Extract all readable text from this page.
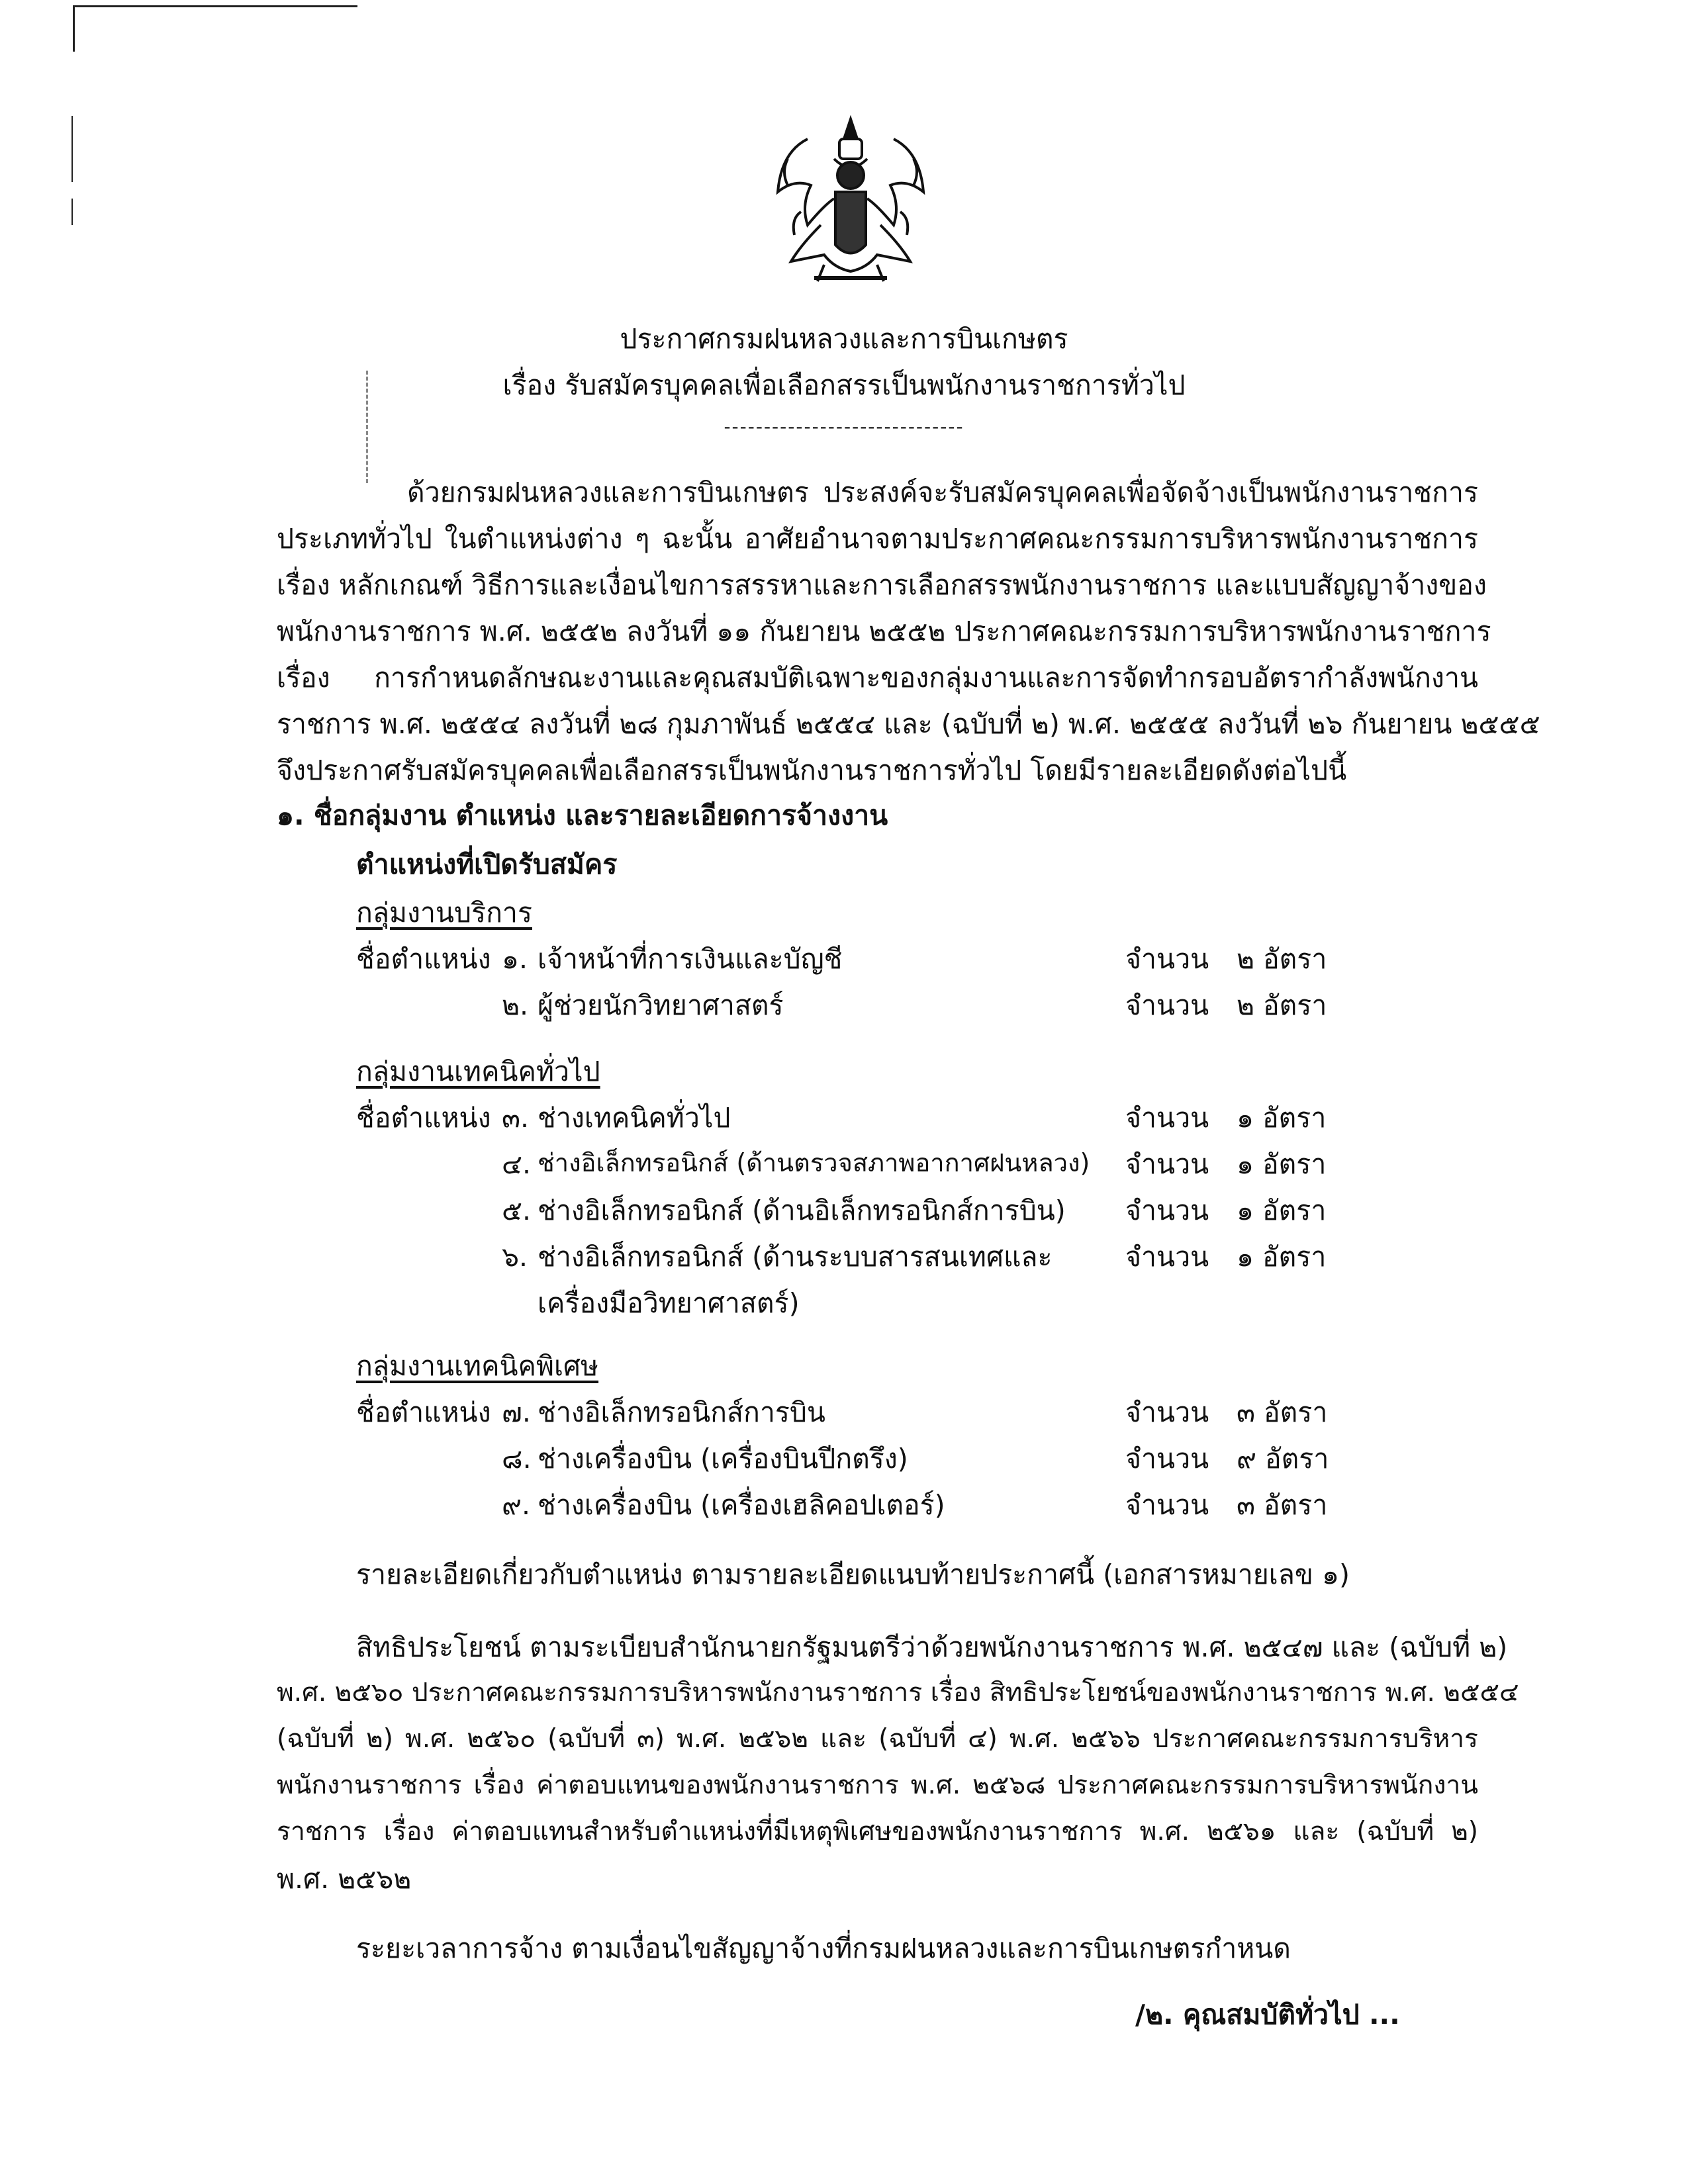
ประกาศกรมฝนหลวงและการบินเกษตร
เรื่อง รับสมัครบุคคลเพื่อเลือกสรรเป็นพนักงานราชการทั่วไป
------------------------------
ด้วยกรมฝนหลวงและการบินเกษตร ประสงค์จะรับสมัครบุคคลเพื่อจัดจ้างเป็นพนักงานราชการ
ประเภททั่วไป ในตำแหน่งต่าง ๆ ฉะนั้น อาศัยอำนาจตามประกาศคณะกรรมการบริหารพนักงานราชการ
เรื่อง หลักเกณฑ์ วิธีการและเงื่อนไขการสรรหาและการเลือกสรรพนักงานราชการ และแบบสัญญาจ้างของ
พนักงานราชการ พ.ศ. ๒๕๕๒ ลงวันที่ ๑๑ กันยายน ๒๕๕๒ ประกาศคณะกรรมการบริหารพนักงานราชการ
เรื่อง การกำหนดลักษณะงานและคุณสมบัติเฉพาะของกลุ่มงานและการจัดทำกรอบอัตรากำลังพนักงาน
ราชการ พ.ศ. ๒๕๕๔ ลงวันที่ ๒๘ กุมภาพันธ์ ๒๕๕๔ และ (ฉบับที่ ๒) พ.ศ. ๒๕๕๕ ลงวันที่ ๒๖ กันยายน ๒๕๕๕
จึงประกาศรับสมัครบุคคลเพื่อเลือกสรรเป็นพนักงานราชการทั่วไป โดยมีรายละเอียดดังต่อไปนี้
๑. ชื่อกลุ่มงาน ตำแหน่ง และรายละเอียดการจ้างงาน
ตำแหน่งที่เปิดรับสมัคร
กลุ่มงานบริการ
ชื่อตำแหน่ง ๑. เจ้าหน้าที่การเงินและบัญชี	จำนวน ๒ อัตรา
๒. ผู้ช่วยนักวิทยาศาสตร์	จำนวน ๒ อัตรา
กลุ่มงานเทคนิคทั่วไป
ชื่อตำแหน่ง ๓. ช่างเทคนิคทั่วไป	จำนวน ๑ อัตรา
๔. ช่างอิเล็กทรอนิกส์ (ด้านตรวจสภาพอากาศฝนหลวง) จำนวน ๑ อัตรา
๕. ช่างอิเล็กทรอนิกส์ (ด้านอิเล็กทรอนิกส์การบิน) จำนวน ๑ อัตรา
๖. ช่างอิเล็กทรอนิกส์ (ด้านระบบสารสนเทศและ
เครื่องมือวิทยาศาสตร์)
จำนวน ๑ อัตรา
กลุ่มงานเทคนิคพิเศษ
ชื่อตำแหน่ง ๗. ช่างอิเล็กทรอนิกส์การบิน	จำนวน ๓ อัตรา
๘. ช่างเครื่องบิน (เครื่องบินปีกตรึง)	จำนวน ๙ อัตรา
๙. ช่างเครื่องบิน (เครื่องเฮลิคอปเตอร์)	จำนวน ๓ อัตรา
รายละเอียดเกี่ยวกับตำแหน่ง ตามรายละเอียดแนบท้ายประกาศนี้ (เอกสารหมายเลข ๑)
สิทธิประโยชน์ ตามระเบียบสำนักนายกรัฐมนตรีว่าด้วยพนักงานราชการ พ.ศ. ๒๕๔๗ และ (ฉบับที่ ๒)
พ.ศ. ๒๕๖๐ ประกาศคณะกรรมการบริหารพนักงานราชการ เรื่อง สิทธิประโยชน์ของพนักงานราชการ พ.ศ. ๒๕๕๔
(ฉบับที่ ๒) พ.ศ. ๒๕๖๐ (ฉบับที่ ๓) พ.ศ. ๒๕๖๒ และ (ฉบับที่ ๔) พ.ศ. ๒๕๖๖ ประกาศคณะกรรมการบริหาร
พนักงานราชการ เรื่อง ค่าตอบแทนของพนักงานราชการ พ.ศ. ๒๕๖๘ ประกาศคณะกรรมการบริหารพนักงาน
ราชการ เรื่อง ค่าตอบแทนสำหรับตำแหน่งที่มีเหตุพิเศษของพนักงานราชการ พ.ศ. ๒๕๖๑ และ (ฉบับที่ ๒)
พ.ศ. ๒๕๖๒
ระยะเวลาการจ้าง ตามเงื่อนไขสัญญาจ้างที่กรมฝนหลวงและการบินเกษตรกำหนด
/๒. คุณสมบัติทั่วไป ...
